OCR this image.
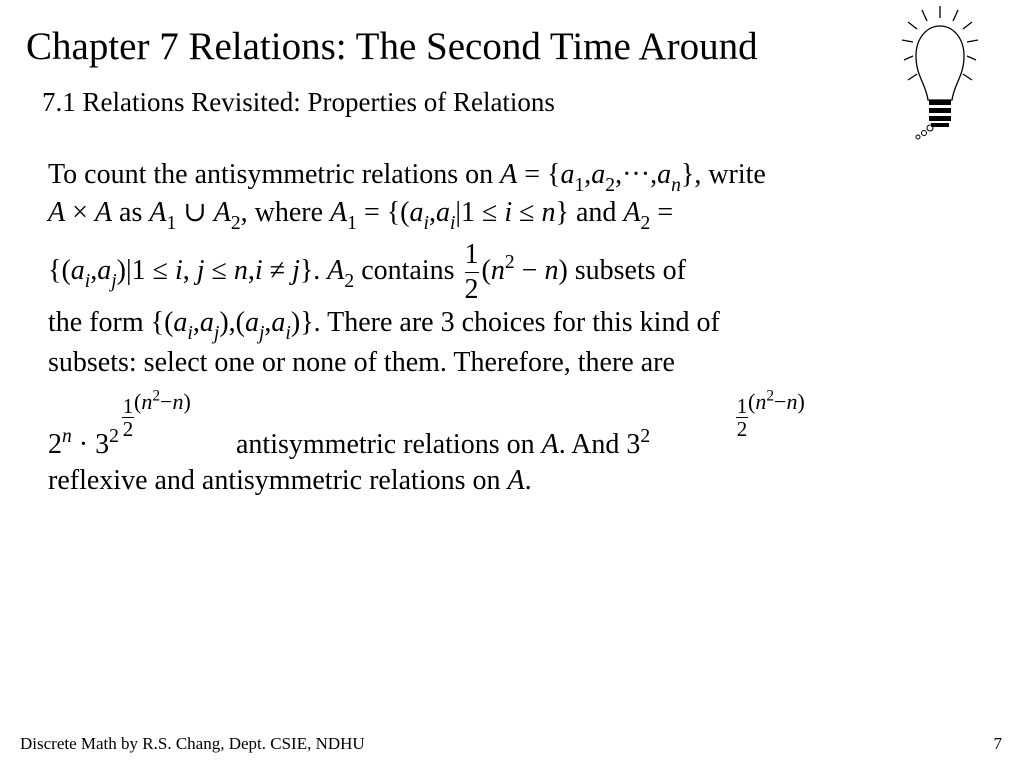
Chapter 7 Relations: The Second Time Around
7.1 Relations Revisited: Properties of Relations
To count the antisymmetric relations on $A = \{a_1,a_2,\cdot\cdot\cdot,a_n\}$, write
A × A as $A_1$ ∪ $A_2$, where $A_1 = \{(a_i,a_i|1 \le i \le n\}$ and $A_2$ =
{$(a_i,a_j)|1 \le i$, j ≤ n,i ≠ j}. $A_2$ contains $\frac{1}{2} (n^2 - n)$ subsets of
the form $\{(a_i,a_j),(a_j,a_i)\}$. There are 3 choices for this kind of
subsets: select one or none of them. Therefore, there are
$\frac{1}{2} (n^2-n)$
$2^n \cdot 3^2$	antisymmetric relations on A. And $3^2$	$\frac{1}{2} (n^2-n)$
reflexive and antisymmetric relations on A.
Discrete Math by R.S. Chang, Dept. CSIE, NDHU	7
